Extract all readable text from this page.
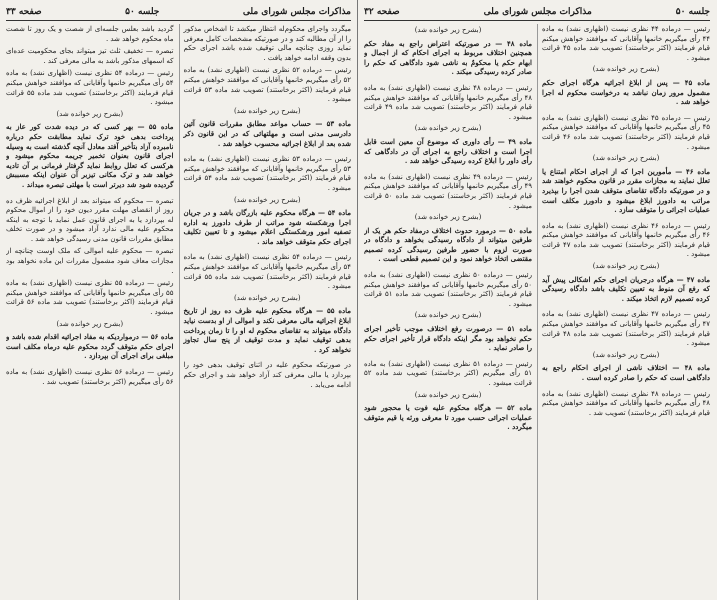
مذاکرات مجلس شورای ملی
جلسه ۵۰
صفحه ۳۳

میگردد واجرای محکوم‌له انتظار میکشد تا اشخاص مذکور را از آن مطالبه کند و در صورتیکه مشخصات کامل معرفی نماید روزی چنانچه مالی توقیف شده باشد اجرای حکم بدون وقفه ادامه خواهد یافت .

رئیس — درماده ۵۲ نظری نیست (اظهاری نشد) به ماده ۵۲ رأی میگیریم خانمها وآقایانی که موافقند خواهش میکنم قیام فرمایند (اکثر برخاستند) تصویب شد ماده ۵۳ قرائت میشود .

(بشرح زیر خوانده شد)

ماده ۵۳ — حساب مواعد مطابق مقررات قانون آئین دادرسی مدنی است و مهلتهائی که در این قانون ذکر شده بعد از ابلاغ اجرائیه محسوب خواهد شد .

رئیس — درماده ۵۳ نظری نیست (اظهاری نشد) به ماده ۵۳ رأی میگیریم خانمها وآقایانی که موافقند خواهش میکنم قیام فرمایند (اکثر برخاستند) تصویب شد ماده ۵۴ قرائت میشود .

(بشرح زیر خوانده شد)

ماده ۵۴ — هرگاه محکوم علیه بازرگان باشد و در جریان اجرا ورشکسته شود مراتب از طرف دادورز به اداره تصفیه امور ورشکستگی اعلام میشود و تا تعیین تکلیف اجرای حکم متوقف خواهد ماند .

رئیس — درماده ۵۴ نظری نیست (اظهاری نشد) به ماده ۵۴ رأی میگیریم خانمها وآقایانی که موافقند خواهش میکنم قیام فرمایند (اکثر برخاستند) تصویب شد ماده ۵۵ قرائت میشود .

(بشرح زیر خوانده شد)

ماده ۵۵ — هرگاه محکوم علیه ظرف ده روز از تاریخ ابلاغ اجرائیه مالی معرفی نکند و اموالی از او بدست نیاید دادگاه میتواند به تقاضای محکوم له او را تا زمان پرداخت بدهی توقیف نماید و مدت توقیف از پنج سال تجاوز نخواهد کرد .

در صورتیکه محکوم علیه در اثنای توقیف بدهی خود را بپردازد یا مالی معرفی کند آزاد خواهد شد و اجرای حکم ادامه می‌یابد .

گردید باشد بعلس جلسه‌ای از شصت و یک روز تا شصت ماه محکوم خواهد شد .

تبصره — تخفیف ثلث تیز میتواند بجای محکومیت عده‌ای که اسمهای مذکور باشد به مالی معرفی کند .

رئیس — درماده ۵۴ نظری نیست (اظهاری نشد) به ماده ۵۴ رأی میگیریم خانمها وآقایانی که موافقند خواهش میکنم قیام فرمایند (اکثر برخاستند) تصویب شد ماده ۵۵ قرائت میشود .

(بشرح زیر خوانده شد)

ماده ۵۵ — بهر کسی که در دیده شدت کور عاز به پرداخت بدهی خود ترک نماید مطابقت حکم درباره نامبرده آزاد بتأخیر آفتد معادل آنچه گذشته است به وسیله اجرای قانون بعنوان تخمیر جریمه محکوم میشود و هرکسی که تعلل روابط نماید گرفتار فرمانی بر آن تادیه خواهد شد و ترک مکانی تیزبر آن عنوان اینکه مسببش گردیده شود شد دیرتر است با مهلتی تبصره میداند .

تبصره — محکوم که میتواند بعد از ابلاغ اجرائیه ظرف ده روز از انقضای مهلت مقرر دیون خود را از اموال محکوم له بپردازد یا به اجرای قانون عمل نماید با توجه به اینکه محکوم علیه مالی ندارد آزاد میشود و در صورت تخلف مطابق مقررات قانون مدنی رسیدگی خواهد شد .

تبصره — محکوم علیه اموالی که ملک اوست چنانچه از مجازات معاف شود مشمول مقررات این ماده نخواهد بود .

رئیس — درماده ۵۵ نظری نیست (اظهاری نشد) به ماده ۵۵ رأی میگیریم خانمها وآقایانی که موافقند خواهش میکنم قیام فرمایند (اکثر برخاستند) تصویب شد ماده ۵۶ قرائت میشود .

(بشرح زیر خوانده شد)

ماده ۵۶ — درمواردیکه به مفاد اجرائیه اقدام شده باشد و اجرای حکم متوقف گردد محکوم علیه درماه مکلف است مبلغی برای اجرای آن بپردازد .

رئیس — درماده ۵۶ نظری نیست (اظهاری نشد) به ماده ۵۶ رأی میگیریم (اکثر برخاستند) تصویب شد .

جلسه ۵۰
مذاکرات مجلس شورای ملی
صفحه ۳۲

رئیس — درماده ۴۴ نظری نیست (اظهاری نشد) به ماده ۴۴ رأی میگیریم خانمها وآقایانی که موافقند خواهش میکنم قیام فرمایند (اکثر برخاستند) تصویب شد ماده ۴۵ قرائت میشود .

(بشرح زیر خوانده شد)

ماده ۴۵ — پس از ابلاغ اجرائیه هرگاه اجرای حکم مشمول مرور زمان نباشد به درخواست محکوم له اجرا خواهد شد .

رئیس — درماده ۴۵ نظری نیست (اظهاری نشد) به ماده ۴۵ رأی میگیریم خانمها وآقایانی که موافقند خواهش میکنم قیام فرمایند (اکثر برخاستند) تصویب شد ماده ۴۶ قرائت میشود .

(بشرح زیر خوانده شد)

ماده ۴۶ — مأمورین اجرا که از اجرای احکام امتناع یا تعلل نمایند به مجازات مقرر در قانون محکوم خواهند شد و در صورتیکه دادگاه تقاضای متوقف شدن اجرا را بپذیرد مراتب به دادورز ابلاغ میشود و دادورز مکلف است عملیات اجرائی را متوقف سازد .

رئیس — درماده ۴۶ نظری نیست (اظهاری نشد) به ماده ۴۶ رأی میگیریم خانمها وآقایانی که موافقند خواهش میکنم قیام فرمایند (اکثر برخاستند) تصویب شد ماده ۴۷ قرائت میشود .

(بشرح زیر خوانده شد)

ماده ۴۷ — هرگاه درجریان اجرای حکم اشکالی پیش آید که رفع آن منوط به تعیین تکلیف باشد دادگاه رسیدگی کرده تصمیم لازم اتخاذ میکند .

رئیس — درماده ۴۷ نظری نیست (اظهاری نشد) به ماده ۴۷ رأی میگیریم خانمها وآقایانی که موافقند خواهش میکنم قیام فرمایند (اکثر برخاستند) تصویب شد ماده ۴۸ قرائت میشود .

(بشرح زیر خوانده شد)

ماده ۴۸ — اختلاف ناشی از اجرای احکام راجع به دادگاهی است که حکم را صادر کرده است .

رئیس — درماده ۴۸ نظری نیست (اظهاری نشد) به ماده ۴۸ رأی میگیریم خانمها وآقایانی که موافقند خواهش میکنم قیام فرمایند (اکثر برخاستند) تصویب شد .

(بشرح زیر خوانده شد)

ماده ۴۸ — در صورتیکه اعتراض راجع به مفاد حکم همچنین اختلاف مربوط به اجرای احکام که از اجمال و ابهام حکم یا محکومٌ به ناشی شود دادگاهی که حکم را صادر کرده رسیدگی میکند .

رئیس — درماده ۴۸ نظری نیست (اظهاری نشد) به ماده ۴۸ رأی میگیریم خانمها وآقایانی که موافقند خواهش میکنم قیام فرمایند (اکثر برخاستند) تصویب شد ماده ۴۹ قرائت میشود .

(بشرح زیر خوانده شد)

ماده ۴۹ — رأی داوری که موضوع آن معین است قابل اجرا است و اختلاف راجع به اجرای آن در دادگاهی که رأی داور را ابلاغ کرده رسیدگی خواهد شد .

رئیس — درماده ۴۹ نظری نیست (اظهاری نشد) به ماده ۴۹ رأی میگیریم خانمها وآقایانی که موافقند خواهش میکنم قیام فرمایند (اکثر برخاستند) تصویب شد ماده ۵۰ قرائت میشود .

(بشرح زیر خوانده شد)

ماده ۵۰ — درمورد حدوث اختلاف درمفاد حکم هر یک از طرفین میتواند از دادگاه رسیدگی بخواهد و دادگاه در صورت لزوم با حضور طرفین رسیدگی کرده تصمیم مقتضی اتخاذ خواهد نمود و این تصمیم قطعی است .

رئیس — درماده ۵۰ نظری نیست (اظهاری نشد) به ماده ۵۰ رأی میگیریم خانمها وآقایانی که موافقند خواهش میکنم قیام فرمایند (اکثر برخاستند) تصویب شد ماده ۵۱ قرائت میشود .

(بشرح زیر خوانده شد)

ماده ۵۱ — درصورت رفع اختلاف موجب تأخیر اجرای حکم نخواهد بود مگر اینکه دادگاه قرار تأخیر اجرای حکم را صادر نماید .

رئیس — درماده ۵۱ نظری نیست (اظهاری نشد) به ماده ۵۱ رأی میگیریم (اکثر برخاستند) تصویب شد ماده ۵۲ قرائت میشود .

(بشرح زیر خوانده شد)

ماده ۵۲ — هرگاه محکوم علیه فوت یا محجور شود عملیات اجرائی حسب مورد تا معرفی ورثه یا قیم متوقف میگردد .
